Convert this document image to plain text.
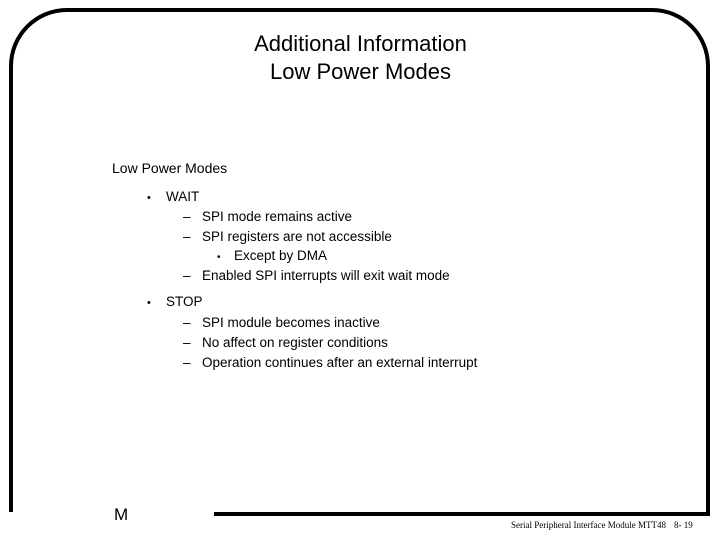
Additional Information
Low Power Modes
Low Power Modes
• WAIT
– SPI mode remains active
– SPI registers are not accessible
• Except by DMA
– Enabled SPI interrupts will exit wait mode
• STOP
– SPI module becomes inactive
– No affect on register conditions
– Operation continues after an external interrupt
M
Serial Peripheral Interface Module MTT48 8- 19
